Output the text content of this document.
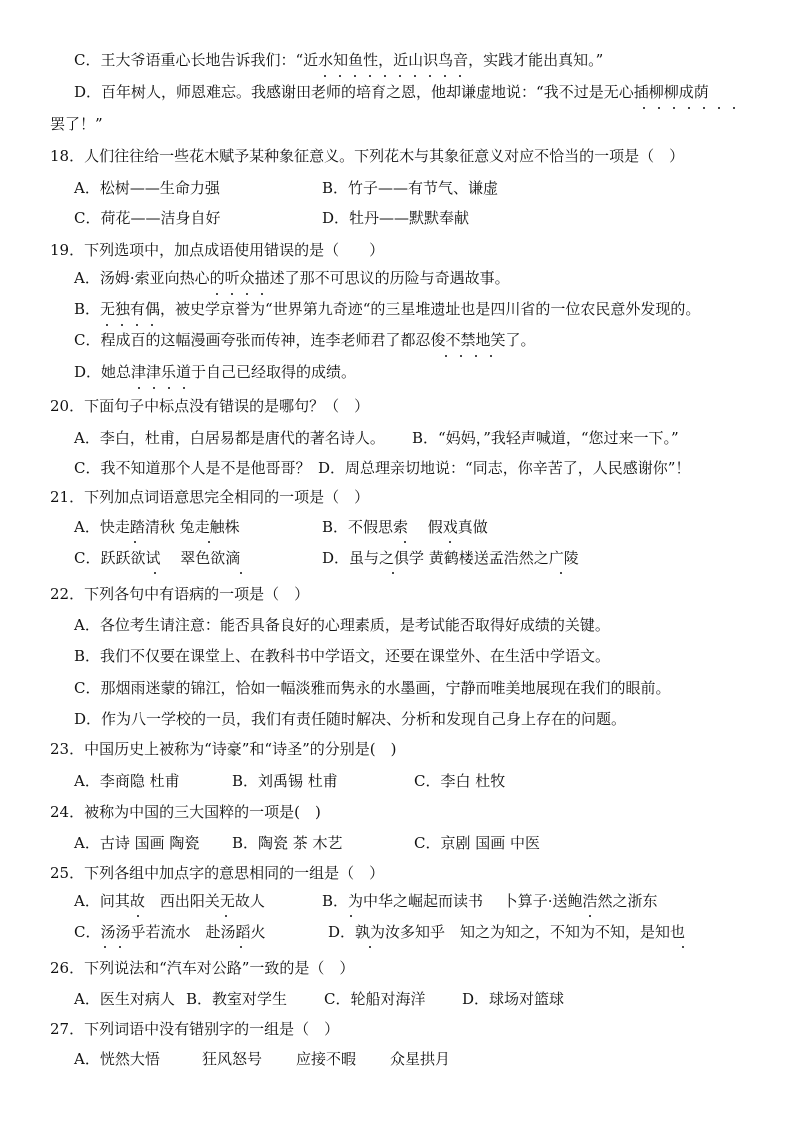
C．王大爷语重心长地告诉我们：“近水知鱼性，近山识鸟音，实践才能出真知。”
D．百年树人，师恩难忘。我感谢田老师的培育之恩，他却谦虚地说：“我不过是无心插柳柳成荫
罢了！”
18．人们往往给一些花木赋予某种象征意义。下列花木与其象征意义对应不恰当的一项是（　）
A．松树——生命力强	B．竹子——有节气、谦虚
C．荷花——洁身自好	D．牡丹——默默奉献
19．下列选项中，加点成语使用错误的是（　　）
A．汤姆·索亚向热心的听众描述了那不可思议的历险与奇遇故事。
B．无独有偶，被史学京誉为“世界第九奇迹“的三星堆遗址也是四川省的一位农民意外发现的。
C．程成百的这幅漫画夸张而传神，连李老师君了都忍俊不禁地笑了。
D．她总津津乐道于自己已经取得的成绩。
20．下面句子中标点没有错误的是哪句？（　）
A．李白，杜甫，白居易都是唐代的著名诗人。 B．“妈妈，”我轻声喊道，“您过来一下。”
C．我不知道那个人是不是他哥哥？ D．周总理亲切地说：“同志，你辛苦了，人民感谢你”！
21．下列加点词语意思完全相同的一项是（　）
A．快走踏清秋 兔走触株	B．不假思索　 假戏真做
C．跃跃欲试　 翠色欲滴	D．虽与之俱学 黄鹤楼送孟浩然之广陵
22．下列各句中有语病的一项是（　）
A．各位考生请注意：能否具备良好的心理素质，是考试能否取得好成绩的关键。
B．我们不仅要在课堂上、在教科书中学语文，还要在课堂外、在生活中学语文。
C．那烟雨迷蒙的锦江，恰如一幅淡雅而隽永的水墨画，宁静而唯美地展现在我们的眼前。
D．作为八一学校的一员，我们有责任随时解决、分析和发现自己身上存在的问题。
23．中国历史上被称为“诗豪”和“诗圣”的分别是(　)
A．李商隐 杜甫	B．刘禹锡 杜甫	C．李白 杜牧
24．被称为中国的三大国粹的一项是(　)
A．古诗 国画 陶瓷 B．陶瓷 茶 木艺	C．京剧 国画 中医
25．下列各组中加点字的意思相同的一组是（　）
A．问其故　西出阳关无故人	B．为中华之崛起而读书　 卜算子·送鲍浩然之浙东
C．汤汤乎若流水　赴汤蹈火	D．孰为汝多知乎　知之为知之，不知为不知，是知也
26．下列说法和“汽车对公路”一致的是（　）
A．医生对病人 B．教室对学生 C．轮船对海洋 D．球场对篮球
27．下列词语中没有错别字的一组是（　）
A．恍然大悟	狂风怒号 应接不暇 众星拱月
